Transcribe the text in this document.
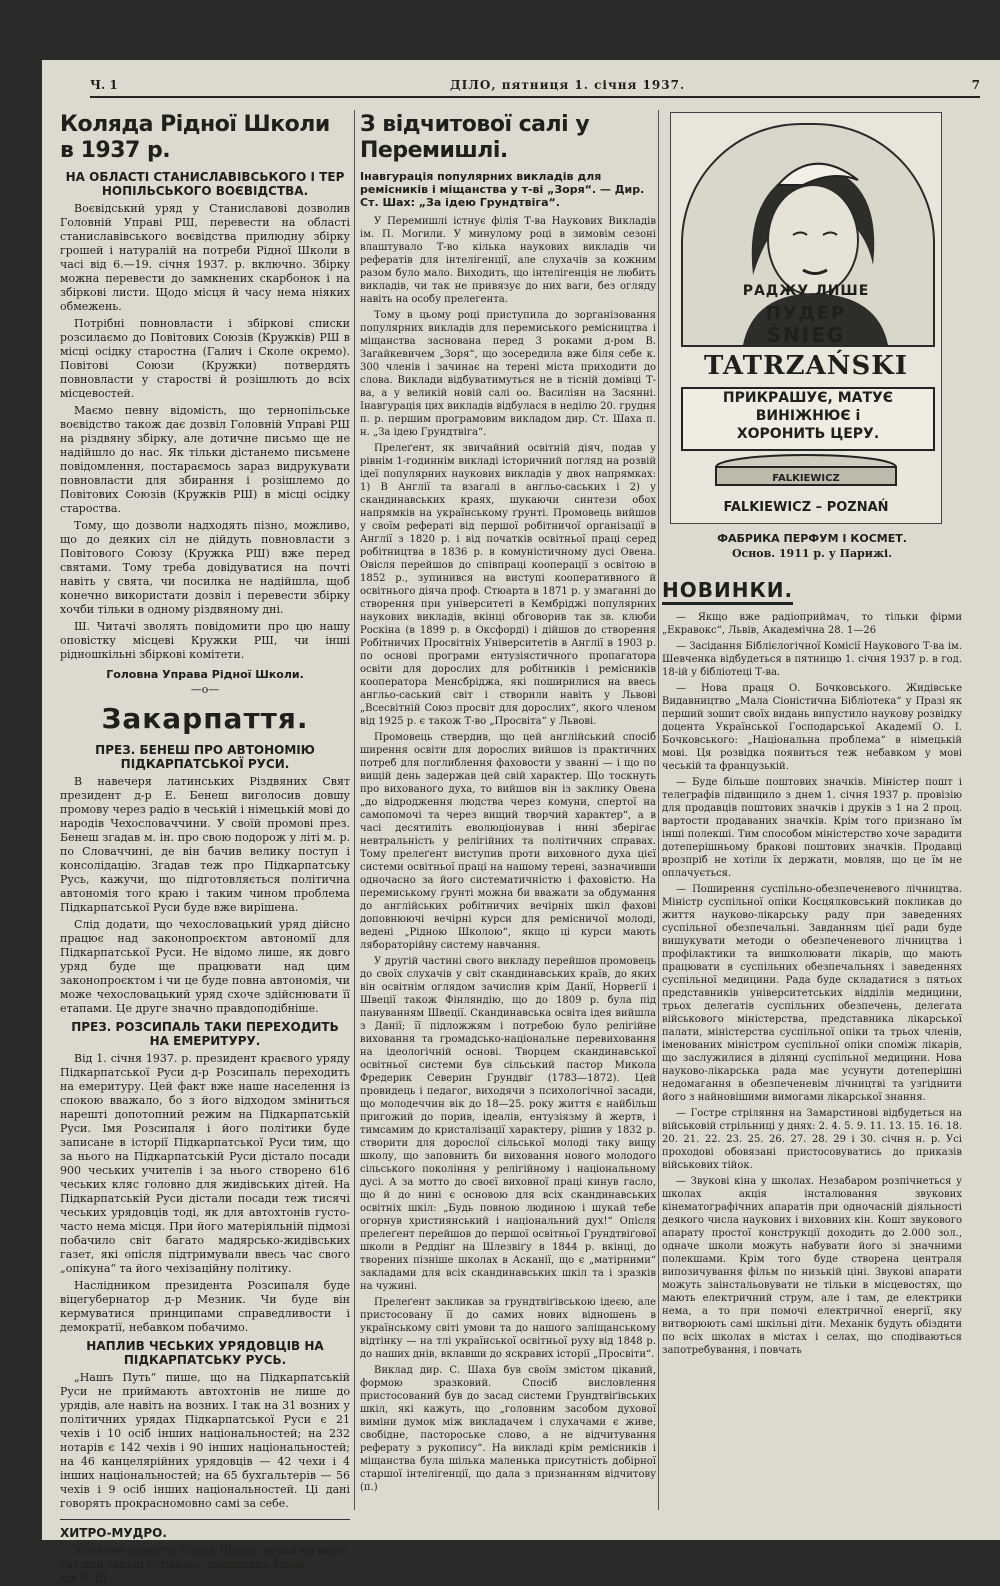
Ч. 1	ДІЛО, пятниця 1. січня 1937.	7
Коляда Рідної Школи в 1937 р.
НА ОБЛАСТІ СТАНИСЛАВІВСЬКОГО І ТЕР НОПІЛЬСЬКОГО ВОЄВІДСТВА.

Воєвідський уряд у Станиславові дозволив Головній Управі РШ, перевести на області станиславівського воєвідства прилюдну збірку грошей і натуралій на потреби Рідної Школи в часі від 6.—19. січня 1937. р. включно. Збірку можна перевести до замкнених скарбонок і на збіркові листи. Щодо місця й часу нема ніяких обмежень.

Потрібні повновласти і збіркові списки розсилаємо до Повітових Союзів (Кружків) РШ в місці осідку старостна (Галич і Сколе окремо). Повітові Союзи (Кружки) потвердять повновласти у старостві й розішлють до всіх місцевостей.

Маємо певну відомість, що тернопільське воєвідство також дає дозвіл Головній Управі РШ на різдвяну збірку, але дотичне письмо ще не надійшло до нас. Як тільки дістанемо письмене повідомлення, постараємось зараз видрукувати повновласти для збирання і розішлемо до Повітових Союзів (Кружків РШ) в місці осідку староства.

Тому, що дозволи надходять пізно, можливо, що до деяких сіл не дійдуть повновласти з Повітового Союзу (Кружка РШ) вже перед святами. Тому треба довідуватися на почті навіть у свята, чи посилка не надійшла, щоб конечно використати дозвіл і перевести збірку хочби тільки в одному різдвяному дні.

Ш. Читачі зволять повідомити про цю нашу оповістку місцеві Кружки РШ, чи інші рідношкільні збіркові комітети.

Головна Управа Рідної Школи.
—o—
Закарпаття.
ПРЕЗ. БЕНЕШ ПРО АВТОНОМІЮ ПІДКАРПАТСЬКОЇ РУСИ.

В навечеря латинських Різдвяних Свят президент д-р Е. Бенеш виголосив довшу промову через радіо в чеській і німецькій мові до народів Чехословаччини. У своїй промові през. Бенеш згадав м. ін. про свою подорож у літі м. р. по Словаччині, де він бачив велику поступ і консолідацію. Згадав теж про Підкарпатську Русь, кажучи, що підготовляється політична автономія того краю і таким чином проблема Підкарпатської Руси буде вже вирішена.

Слід додати, що чехословацький уряд дійсно працює над законопроєктом автономії для Підкарпатської Руси. Не відомо лише, як довго уряд буде ще працювати над цим законопроєктом і чи це буде повна автономія, чи може чехословацький уряд схоче здійснювати її етапами. Це друге значно правдоподібніше.

ПРЕЗ. РОЗСИПАЛЬ ТАКИ ПЕРЕХОДИТЬ НА ЕМЕРИТУРУ.

Від 1. січня 1937. р. президент краєвого уряду Підкарпатської Руси д-р Розсипаль переходить на емеритуру. Цей факт вже наше населення із спокою вважало, бо з його відходом зміниться нарешті допотопний режим на Підкарпатській Руси. Імя Розсипаля і його політики буде записане в історії Підкарпатської Руси тим, що за нього на Підкарпатській Руси дістало посади 900 чеських учителів і за нього створено 616 чеських кляс головно для жидівських дітей. На Підкарпатській Руси дістали посади теж тисячі чеських урядовців тоді, як для автохтонів густо-часто нема місця. При його матеріяльній підмозі побачило світ багато мадярсько-жидівських газет, які опісля підтримували ввесь час свого „опікуна“ та його чехізаційну політику.

Наслідником президента Розсипаля буде віцегубернатор д-р Мезник. Чи буде він кермуватися принципами справедливости і демократії, небавком побачимо.

НАПЛИВ ЧЕСЬКИХ УРЯДОВЦІВ НА ПІДКАРПАТСЬКУ РУСЬ.

„Нашъ Путь“ пише, що на Підкарпатській Руси не приймають автохтонів не лише до урядів, але навіть на возних. І так на 31 возних у політичних урядах Підкарпатської Руси є 21 чехів і 10 осіб інших національностей; на 232 нотарів є 142 чехів і 90 інших національностей; на 46 канцелярійних урядовців — 42 чехи і 4 інших національностей; на 65 бухгальтерів — 56 чехів і 9 осіб інших національностей. Ці дані говорять прокрасномовно самі за себе.

ХИТРО-МУДРО.
Хто хоче помогти Рідній Школі, нехай на мате
гає при закупі готівкою „правдивих бльок
ків Р. Ш.“
З відчитової салі у Перемишлі.
Інавгурація популярних викладів для ремісників і міщанства у т-ві „Зоря“. — Дир. Ст. Шах: „За ідею Грундтвіга“.

У Перемишлі істнує філія Т-ва Наукових Викладів ім. П. Могили. У минулому році в зимовім сезоні влаштувало Т-во кілька наукових викладів чи рефератів для інтелігенції, але слухачів за кожним разом було мало. Виходить, що інтелігенція не любить викладів, чи так не привязує до них ваги, без огляду навіть на особу прелегента.

Тому в цьому році приступила до зорганізовання популярних викладів для перемиського ремісництва і міщанства заснована перед 3 роками д-ром В. Загайкевичем „Зоря“, що зосередила вже біля себе к. 300 членів і зачинає на терені міста приходити до слова. Виклади відбуватимуться не в тісній домівці Т-ва, а у великій новій салі оо. Василіян на Засянні. Інавгурація цих викладів відбулася в неділю 20. грудня п. р. першим програмовим викладом дир. Ст. Шаха п. н. „За ідею Грундтвіга“.

Прелеґент, як звичайний освітній діяч, подав у рівнім 1-годиннім викладі історичний погляд на розвій ідеї популярних наукових викладів у двох напрямках: 1) В Англії та взагалі в англьо-саських і 2) у скандинавських краях, шукаючи синтези обох напрямків на українському ґрунті. Промовець вийшов у своїм рефераті від першої робітничої організації в Англії з 1820 р. і від початків освітньої праці серед робітництва в 1836 р. в комуністичному дусі Овена. Овісля перейшов до співпраці кооперації з освітою в 1852 р., зупинився на виступі кооперативного й освітнього діяча проф. Стюарта в 1871 р. у змаганні до створення при університеті в Кембріджі популярних наукових викладів, вкінці обговорив так зв. клюби Роскіна (в 1899 р. в Оксфорді) і дійшов до створення Робітничих Просвітніх Університетів в Англії в 1903 р. по основі програми ентузіястичного пропагатора освіти для дорослих для робітників і ремісників кооператора Менсбріджа, які поширилися на ввесь англьо-саський світ і створили навіть у Львові „Всесвітній Союз просвіт для дорослих“, якого членом від 1925 р. є також Т-во „Просвіта“ у Львові.

Промовець ствердив, що цей англійський спосіб ширення освіти для дорослих вийшов із практичних потреб для поглиблення фаховости у званні — і що по вищій день задержав цей свій характер. Що тоскнуть про вихованого духа, то вийшов він із заклику Овена „до відродження людства через комуни, спертої на самопомочі та через вищий творчий характер“, а в часі десятиліть еволюціонував і нині зберігає невтральність у релігійних та політичних справах. Тому прелеґент виступив проти виховного духа цієї системи освітньої праці на нашому терені, зазначивши одночасно за його систематичністю і фаховістю. На перемиському ґрунті можна би вважати за обдумання до англійських робітничих вечірніх шкіл фахові доповнюючі вечірні курси для ремісничої молоді, ведені „Рідною Школою“, якщо ці курси мають лябораторійну систему навчання.

У другій частині свого викладу перейшов промовець до своїх слухачів у світ скандинавських країв, до яких він освітнім оглядом зачислив крім Данії, Норвегії і Швеції також Фінляндію, що до 1809 р. була під пануванням Швеції. Скандинавська освіта ідея вийшла з Данії; її підложжям і потребою було релігійне виховання та громадсько-національне перевиховання на ідеологічній основі. Творцем скандинавської освітньої системи був сільський пастор Микола Фредерик Северин Грундвіґ (1783—1872). Цей провидець і педагог, виходячи з психологічної засади, що молодеччин вік до 18—25. року життя є найбільш пригожий до порив, ідеалів, ентузіязму й жертв, і тимсамим до кристалізації характеру, рішив у 1832 р. створити для дорослої сільської молоді таку вищу школу, що заповнить би виховання нового молодого сільського покоління у релігійному і національному дусі. А за мотто до своєї виховної праці кинув гасло, що й до нині є основою для всіх скандинавських освітніх шкіл: „Будь повною людиною і шукай тебе огорнув християнський і національний дух!“ Опісля прелеґент перейшов до першої освітньої Грундтвіґової школи в Реддінґ на Шлезвіґу в 1844 р. вкінці, до творених пізніше школах в Асканії, що є „матірними“ закладами для всіх скандинавських шкіл та і зразків на чужині.

Прелеґент закликав за грундтвіґівською ідеєю, але пристосовану її до самих нових відношень в українському світі умови та до нашого заліщанському відтінку — на тлі української освітньої руху від 1848 р. до наших днів, вклавши до яскравих історії „Просвіти“.

Виклад дир. С. Шаха був своїм змістом цікавий, формою зразковий. Спосіб висловлення пристосований був до засад системи Грундтвіґівських шкіл, які кажуть, що „головним засобом духової виміни думок між викладачем і слухачами є живе, свобідне, пастороське слово, а не відчитування реферату з рукопису“. На викладі крім ремісників і міщанства була шілька маленька присутність добірної старшої інтелігенції, що дала з признанням відчитову (п.)

РАДЖУ ЛИШЕ
ПУДЕР
ŚNIEG
TATRZAŃSKI
ПРИКРАШУЄ, МАТУЄ
ВИНІЖНЮЄ і
ХОРОНИТЬ ЦЕРУ.
FALKIEWICZ
FALKIEWICZ – POZNAŃ
ФАБРИКА ПЕРФУМ І КОСМЕТ.
Основ. 1911 р. у Парижі.
НОВИНКИ.

— Якщо вже радіоприймач, то тільки фірми „Екравокс“, Львів, Академічна 28. 1—26

— Засідання Біблієлогічної Комісії Наукового Т-ва ім. Шевченка відбудеться в пятницю 1. січня 1937 р. в год. 18-ій у бібліотеці Т-ва.

— Нова праця О. Бочковського. Жидівське Видавництво „Мала Сіоністична Бібліотека“ у Празі як перший зошит своїх видань випустило наукову розвідку доцента Української Господарської Академії О. І. Бочковського: „Національна проблема“ в німецькій мові. Ця розвідка появиться теж небавком у мові чеській та французькій.

— Буде більше поштових значків. Міністер пошт і телеграфів підвищило з днем 1. січня 1937 р. провізію для продавців поштових значків і друків з 1 на 2 проц. вартости продаваних значків. Крім того признано їм інші полекші. Тим способом міністерство хоче зарадити дотеперішньому бракові поштових значків. Продавці врозпріб не хотіли їх держати, мовляв, що це їм не оплачується.

— Поширення суспільно-обезпеченевого лічництва. Міністр суспільної опіки Косцялковський покликав до життя науково-лікарську раду при заведеннях суспільної обезпечальні. Завданням цієї ради буде вишукувати методи о обезпеченевого лічництва і профілактики та вишколювати лікарів, що мають працювати в суспільних обезпечальнях і заведеннях суспільної медицини. Рада буде складатися з пятьох представників університетських відділів медицини, трьох делегатів суспільних обезпечень, делегата військового міністерства, представника лікарської палати, міністерства суспільної опіки та трьох членів, іменованих міністром суспільної опіки споміж лікарів, що заслужилися в ділянці суспільної медицини. Нова науково-лікарська рада має усунути дотеперішні недомагання в обезпеченевім лічництві та узгіднити його з найновішими вимогами лікарської знання.

— Гостре стріляння на Замарстинові відбудеться на військовій стрільниці у днях: 2. 4. 5. 9. 11. 13. 15. 16. 18. 20. 21. 22. 23. 25. 26. 27. 28. 29 і 30. січня н. р. Усі проходові обовязані пристосовуватись до приказів військових тійок.

— Звукові кіна у школах. Незабаром розпічнеться у школах акція інсталювання звукових кінематографічних апаратів при одночасній діяльності деякого числа наукових і виховних кін. Кошт звукового апарату простої конструкції доходить до 2.000 зол., одначе школи можуть набувати його зі значними полекшами. Крім того буде створена централя випозичування фільм по низькій ціні. Звукові апарати можуть заінстальовувати не тільки в місцевостях, що мають електричний струм, але і там, де електрики нема, а то при помочі електричної енергії, яку витворюють самі шкільні діти. Механік будуть обізднти по всіх школах в містах і селах, що сподіваються запотребування, і повчать
